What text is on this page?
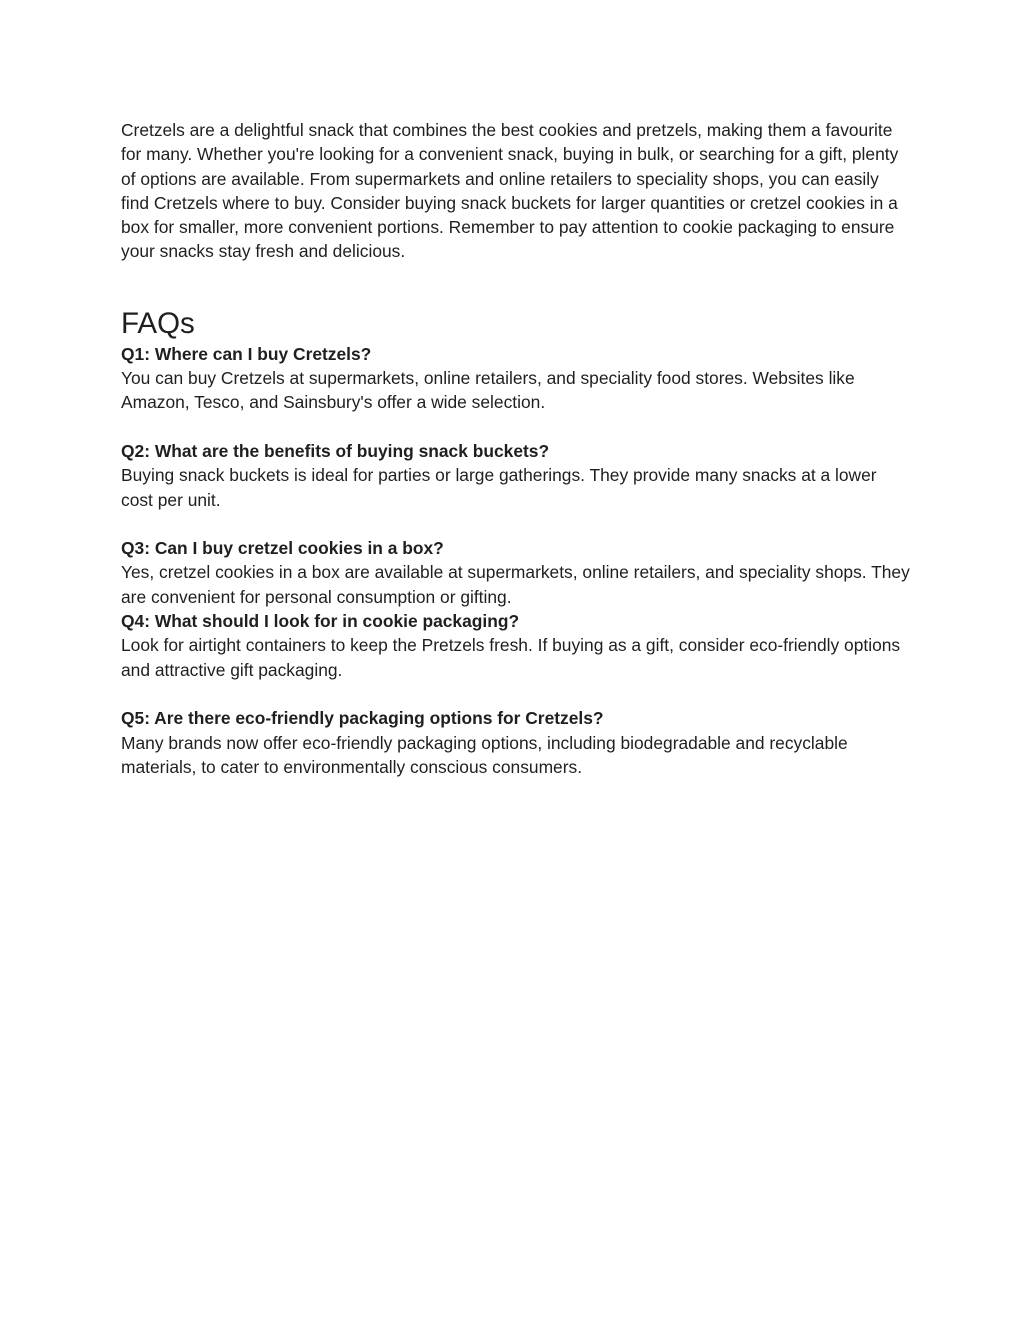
Cretzels are a delightful snack that combines the best cookies and pretzels, making them a favourite for many. Whether you're looking for a convenient snack, buying in bulk, or searching for a gift, plenty of options are available. From supermarkets and online retailers to speciality shops, you can easily find Cretzels where to buy. Consider buying snack buckets for larger quantities or cretzel cookies in a box for smaller, more convenient portions. Remember to pay attention to cookie packaging to ensure your snacks stay fresh and delicious.

FAQs

Q1: Where can I buy Cretzels?

You can buy Cretzels at supermarkets, online retailers, and speciality food stores. Websites like Amazon, Tesco, and Sainsbury's offer a wide selection.

Q2: What are the benefits of buying snack buckets?

Buying snack buckets is ideal for parties or large gatherings. They provide many snacks at a lower cost per unit.

Q3: Can I buy cretzel cookies in a box?

Yes, cretzel cookies in a box are available at supermarkets, online retailers, and speciality shops. They are convenient for personal consumption or gifting.

Q4: What should I look for in cookie packaging?

Look for airtight containers to keep the Pretzels fresh. If buying as a gift, consider eco-friendly options and attractive gift packaging.

Q5: Are there eco-friendly packaging options for Cretzels?

Many brands now offer eco-friendly packaging options, including biodegradable and recyclable materials, to cater to environmentally conscious consumers.
